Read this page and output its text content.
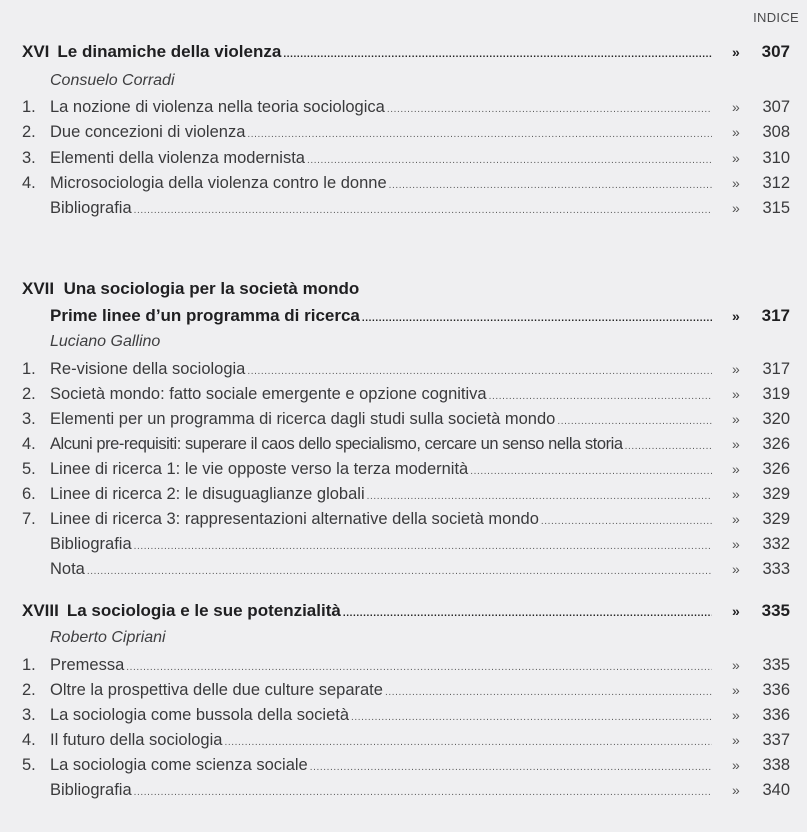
INDICE
XVI Le dinamiche della violenza .....	» 307
Consuelo Corradi
1. La nozione di violenza nella teoria sociologica .....	» 307
2. Due concezioni di violenza .....	» 308
3. Elementi della violenza modernista .....	» 310
4. Microsociologia della violenza contro le donne .....	» 312
Bibliografia .....	» 315
XVII Una sociologia per la società mondo
Prime linee d’un programma di ricerca .....	» 317
Luciano Gallino
1. Re-visione della sociologia .....	» 317
2. Società mondo: fatto sociale emergente e opzione cognitiva .....	» 319
3. Elementi per un programma di ricerca dagli studi sulla società mondo .....	» 320
4. Alcuni pre-requisiti: superare il caos dello specialismo, cercare un senso nella storia .....	» 326
5. Linee di ricerca 1: le vie opposte verso la terza modernità .....	» 326
6. Linee di ricerca 2: le disuguaglianze globali .....	» 329
7. Linee di ricerca 3: rappresentazioni alternative della società mondo .....	» 329
Bibliografia .....	» 332
Nota .....	» 333
XVIII La sociologia e le sue potenzialità .....	» 335
Roberto Cipriani
1. Premessa .....	» 335
2. Oltre la prospettiva delle due culture separate .....	» 336
3. La sociologia come bussola della società .....	» 336
4. Il futuro della sociologia .....	» 337
5. La sociologia come scienza sociale .....	» 338
Bibliografia .....	» 340
